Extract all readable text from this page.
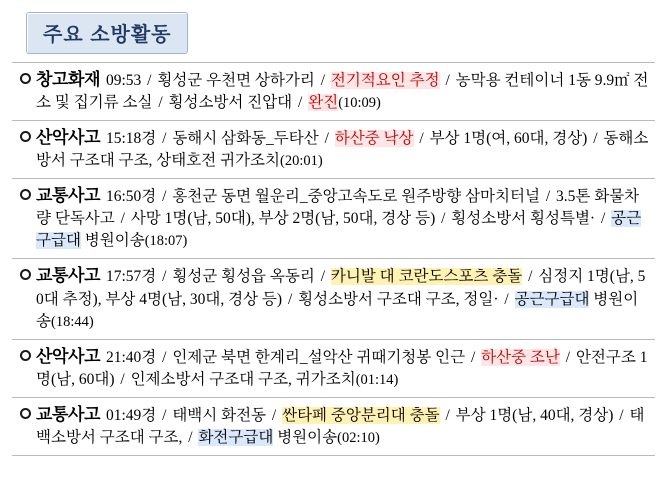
주요 소방활동
창고화재 09:53 / 횡성군 우천면 상하가리 / 전기적요인 추정 / 농막용 컨테이너 1동 9.9㎡ 전소 및 집기류 소실 / 횡성소방서 진압대 / 완진(10:09)
산악사고 15:18경 / 동해시 삼화동_두타산 / 하산중 낙상 / 부상 1명(여, 60대, 경상) / 동해소방서 구조대 구조, 상태호전 귀가조치(20:01)
교통사고 16:50경 / 홍천군 동면 월운리_중앙고속도로 원주방향 삼마치터널 / 3.5톤 화물차량 단독사고 / 사망 1명(남, 50대), 부상 2명(남, 50대, 경상 등) / 횡성소방서 횡성특별· / 공근구급대 병원이송(18:07)
교통사고 17:57경 / 횡성군 횡성읍 옥동리 / 카니발 대 코란도스포츠 충돌 / 심정지 1명(남, 50대 추정), 부상 4명(남, 30대, 경상 등) / 횡성소방서 구조대 구조, 정일· / 공근구급대 병원이송(18:44)
산악사고 21:40경 / 인제군 북면 한계리_설악산 귀때기청봉 인근 / 하산중 조난 / 안전구조 1명(남, 60대) / 인제소방서 구조대 구조, 귀가조치(01:14)
교통사고 01:49경 / 태백시 화전동 / 싼타페 중앙분리대 충돌 / 부상 1명(남, 40대, 경상) / 태백소방서 구조대 구조, / 화전구급대 병원이송(02:10)
